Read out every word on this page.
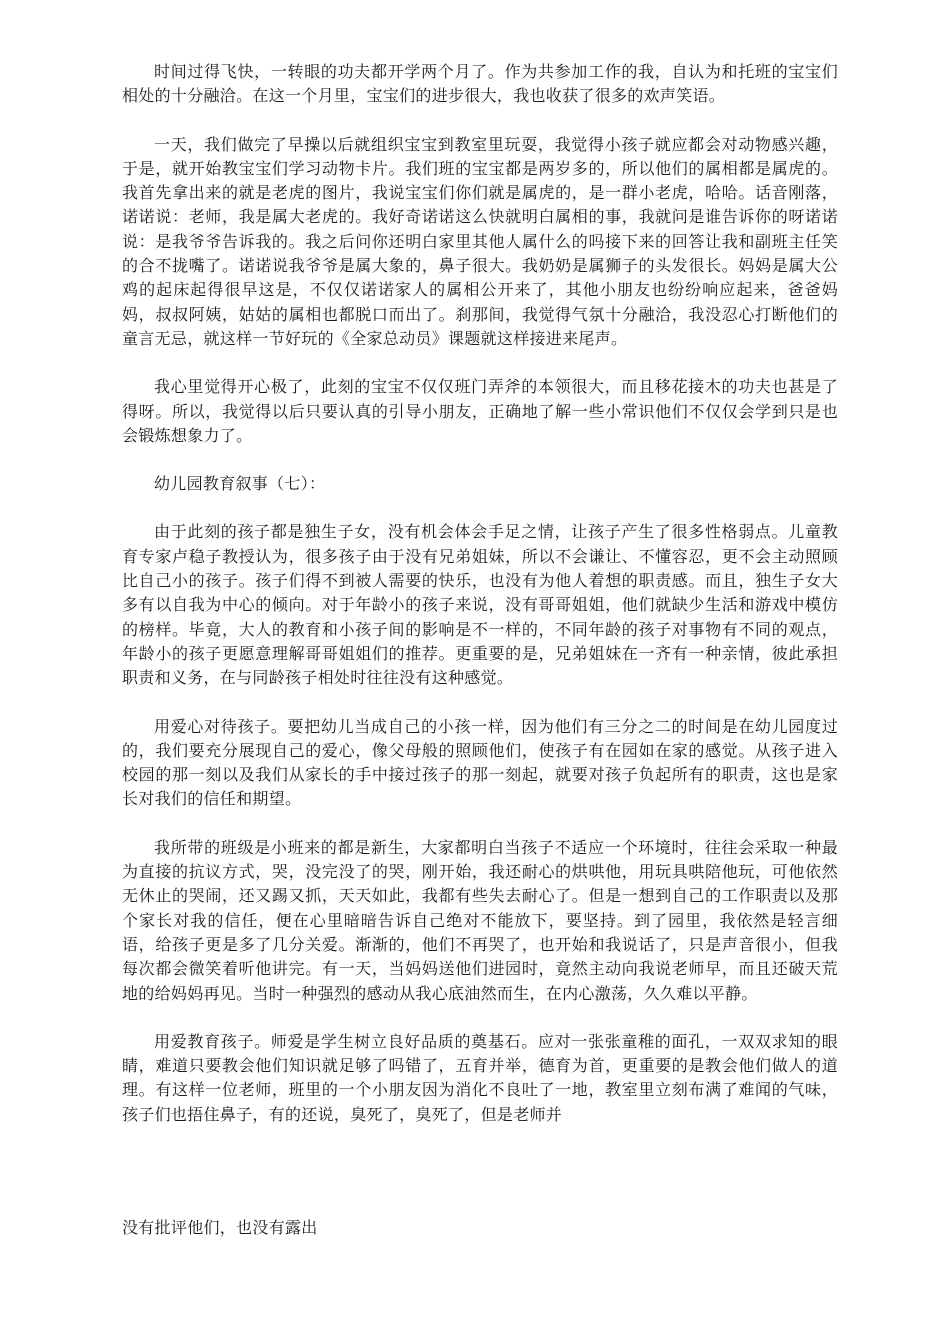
时间过得飞快，一转眼的功夫都开学两个月了。作为共参加工作的我，自认为和托班的宝宝们相处的十分融洽。在这一个月里，宝宝们的进步很大，我也收获了很多的欢声笑语。

一天，我们做完了早操以后就组织宝宝到教室里玩耍，我觉得小孩子就应都会对动物感兴趣，于是，就开始教宝宝们学习动物卡片。我们班的宝宝都是两岁多的，所以他们的属相都是属虎的。我首先拿出来的就是老虎的图片，我说宝宝们你们就是属虎的，是一群小老虎，哈哈。话音刚落，诺诺说：老师，我是属大老虎的。我好奇诺诺这么快就明白属相的事，我就问是谁告诉你的呀诺诺说：是我爷爷告诉我的。我之后问你还明白家里其他人属什么的吗接下来的回答让我和副班主任笑的合不拢嘴了。诺诺说我爷爷是属大象的，鼻子很大。我奶奶是属狮子的头发很长。妈妈是属大公鸡的起床起得很早这是，不仅仅诺诺家人的属相公开来了，其他小朋友也纷纷响应起来，爸爸妈妈，叔叔阿姨，姑姑的属相也都脱口而出了。刹那间，我觉得气氛十分融洽，我没忍心打断他们的童言无忌，就这样一节好玩的《全家总动员》课题就这样接进来尾声。

我心里觉得开心极了，此刻的宝宝不仅仅班门弄斧的本领很大，而且移花接木的功夫也甚是了得呀。所以，我觉得以后只要认真的引导小朋友，正确地了解一些小常识他们不仅仅会学到只是也会锻炼想象力了。

幼儿园教育叙事（七）：

由于此刻的孩子都是独生子女，没有机会体会手足之情，让孩子产生了很多性格弱点。儿童教育专家卢稳子教授认为，很多孩子由于没有兄弟姐妹，所以不会谦让、不懂容忍，更不会主动照顾比自己小的孩子。孩子们得不到被人需要的快乐，也没有为他人着想的职责感。而且，独生子女大多有以自我为中心的倾向。对于年龄小的孩子来说，没有哥哥姐姐，他们就缺少生活和游戏中模仿的榜样。毕竟，大人的教育和小孩子间的影响是不一样的，不同年龄的孩子对事物有不同的观点，年龄小的孩子更愿意理解哥哥姐姐们的推荐。更重要的是，兄弟姐妹在一齐有一种亲情，彼此承担职责和义务，在与同龄孩子相处时往往没有这种感觉。

用爱心对待孩子。要把幼儿当成自己的小孩一样，因为他们有三分之二的时间是在幼儿园度过的，我们要充分展现自己的爱心，像父母般的照顾他们，使孩子有在园如在家的感觉。从孩子进入校园的那一刻以及我们从家长的手中接过孩子的那一刻起，就要对孩子负起所有的职责，这也是家长对我们的信任和期望。

我所带的班级是小班来的都是新生，大家都明白当孩子不适应一个环境时，往往会采取一种最为直接的抗议方式，哭，没完没了的哭，刚开始，我还耐心的烘哄他，用玩具哄陪他玩，可他依然无休止的哭闹，还又踢又抓，天天如此，我都有些失去耐心了。但是一想到自己的工作职责以及那个家长对我的信任，便在心里暗暗告诉自己绝对不能放下，要坚持。到了园里，我依然是轻言细语，给孩子更是多了几分关爱。渐渐的，他们不再哭了，也开始和我说话了，只是声音很小，但我每次都会微笑着听他讲完。有一天，当妈妈送他们进园时，竟然主动向我说老师早，而且还破天荒地的给妈妈再见。当时一种强烈的感动从我心底油然而生，在内心激荡，久久难以平静。

用爱教育孩子。师爱是学生树立良好品质的奠基石。应对一张张童稚的面孔，一双双求知的眼睛，难道只要教会他们知识就足够了吗错了，五育并举，德育为首，更重要的是教会他们做人的道理。有这样一位老师，班里的一个小朋友因为消化不良吐了一地，教室里立刻布满了难闻的气味，孩子们也捂住鼻子，有的还说，臭死了，臭死了，但是老师并

没有批评他们，也没有露出
